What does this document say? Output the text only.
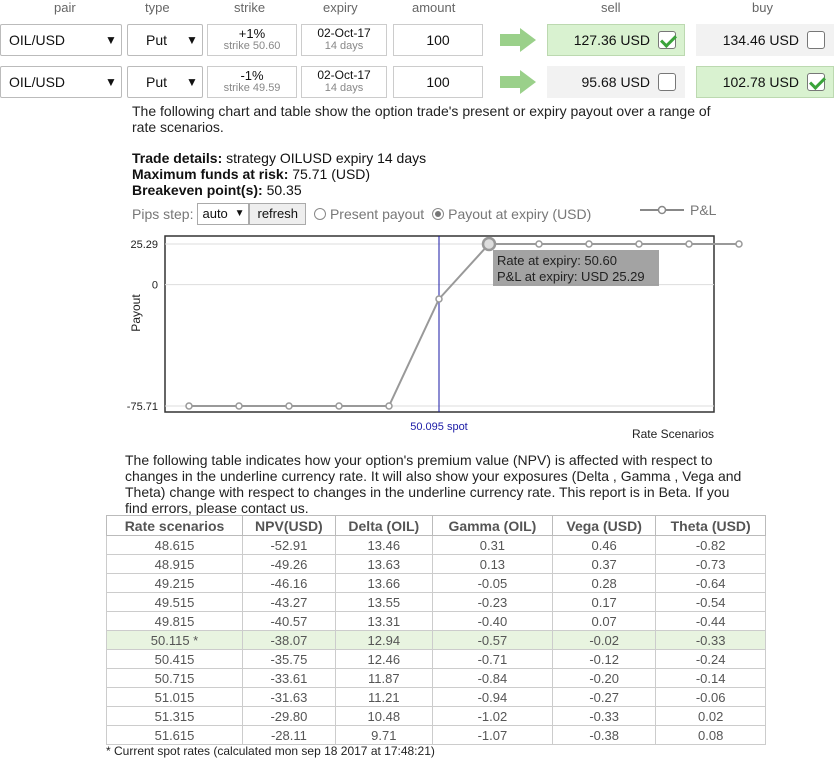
pair	type	strike	expiry	amount	sell	buy
OIL/USD	▼	Put	▼	+1%
strike 50.60
02-Oct-17
14 days	100	127.36 USD	134.46 USD
OIL/USD	▼	Put	▼	-1%
strike 49.59
02-Oct-17
14 days	100	95.68 USD	102.78 USD
The following chart and table show the option trade's present or expiry payout over a range of rate scenarios.
Trade details: strategy OILUSD expiry 14 days
Maximum funds at risk: 75.71 (USD)
Breakeven point(s): 50.35
Pips step: auto ▼	refresh	Present payout Payout at expiry (USD)	P&L
25.29
0
-75.71
Payout
50.095 spot
Rate at expiry: 50.60
P&L at expiry: USD 25.29
Rate Scenarios
The following table indicates how your option's premium value (NPV) is affected with respect to changes in the underline currency rate. It will also show your exposures (Delta , Gamma , Vega and Theta) change with respect to changes in the underline currency rate. This report is in Beta. If you find errors, please contact us.
Rate scenarios	NPV(USD)	Delta (OIL)	Gamma (OIL)	Vega (USD)	Theta (USD)
48.615	-52.91	13.46	0.31	0.46	-0.82
48.915	-49.26	13.63	0.13	0.37	-0.73
49.215	-46.16	13.66	-0.05	0.28	-0.64
49.515	-43.27	13.55	-0.23	0.17	-0.54
49.815	-40.57	13.31	-0.40	0.07	-0.44
50.115 *	-38.07	12.94	-0.57	-0.02	-0.33
50.415	-35.75	12.46	-0.71	-0.12	-0.24
50.715	-33.61	11.87	-0.84	-0.20	-0.14
51.015	-31.63	11.21	-0.94	-0.27	-0.06
51.315	-29.80	10.48	-1.02	-0.33	0.02
51.615	-28.11	9.71	-1.07	-0.38	0.08
* Current spot rates (calculated mon sep 18 2017 at 17:48:21)
